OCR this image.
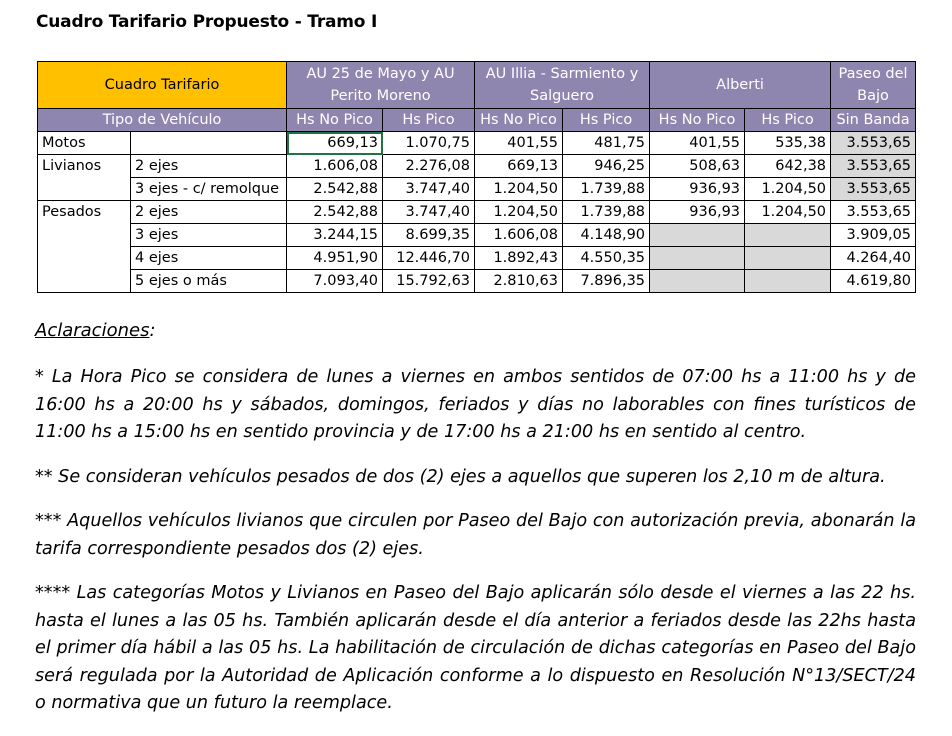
Cuadro Tarifario Propuesto - Tramo I
Cuadro Tarifario		AU 25 de Mayo y AU Perito Moreno		AU Illia - Sarmiento y Salguero		Alberti		Paseo del Bajo
Tipo de Vehículo		Hs No Pico	Hs Pico	Hs No Pico	Hs Pico	Hs No Pico	Hs Pico	Sin Banda
Motos		669,13	1.070,75	401,55	481,75	401,55	535,38	3.553,65
Livianos	2 ejes	1.606,08	2.276,08	669,13	946,25	508,63	642,38	3.553,65
	3 ejes - c/ remolque	2.542,88	3.747,40	1.204,50	1.739,88	936,93	1.204,50	3.553,65
Pesados	2 ejes	2.542,88	3.747,40	1.204,50	1.739,88	936,93	1.204,50	3.553,65
	3 ejes	3.244,15	8.699,35	1.606,08	4.148,90			3.909,05
	4 ejes	4.951,90	12.446,70	1.892,43	4.550,35			4.264,40
	5 ejes o más	7.093,40	15.792,63	2.810,63	7.896,35			4.619,80
Aclaraciones:

* La Hora Pico se considera de lunes a viernes en ambos sentidos de 07:00 hs a 11:00 hs y de 16:00 hs a 20:00 hs y sábados, domingos, feriados y días no laborables con fines turísticos de 11:00 hs a 15:00 hs en sentido provincia y de 17:00 hs a 21:00 hs en sentido al centro.

** Se consideran vehículos pesados de dos (2) ejes a aquellos que superen los 2,10 m de altura.

*** Aquellos vehículos livianos que circulen por Paseo del Bajo con autorización previa, abonarán la tarifa correspondiente pesados dos (2) ejes.

**** Las categorías Motos y Livianos en Paseo del Bajo aplicarán sólo desde el viernes a las 22 hs. hasta el lunes a las 05 hs. También aplicarán desde el día anterior a feriados desde las 22hs hasta el primer día hábil a las 05 hs. La habilitación de circulación de dichas categorías en Paseo del Bajo será regulada por la Autoridad de Aplicación conforme a lo dispuesto en Resolución N°13/SECT/24 o normativa que un futuro la reemplace.
